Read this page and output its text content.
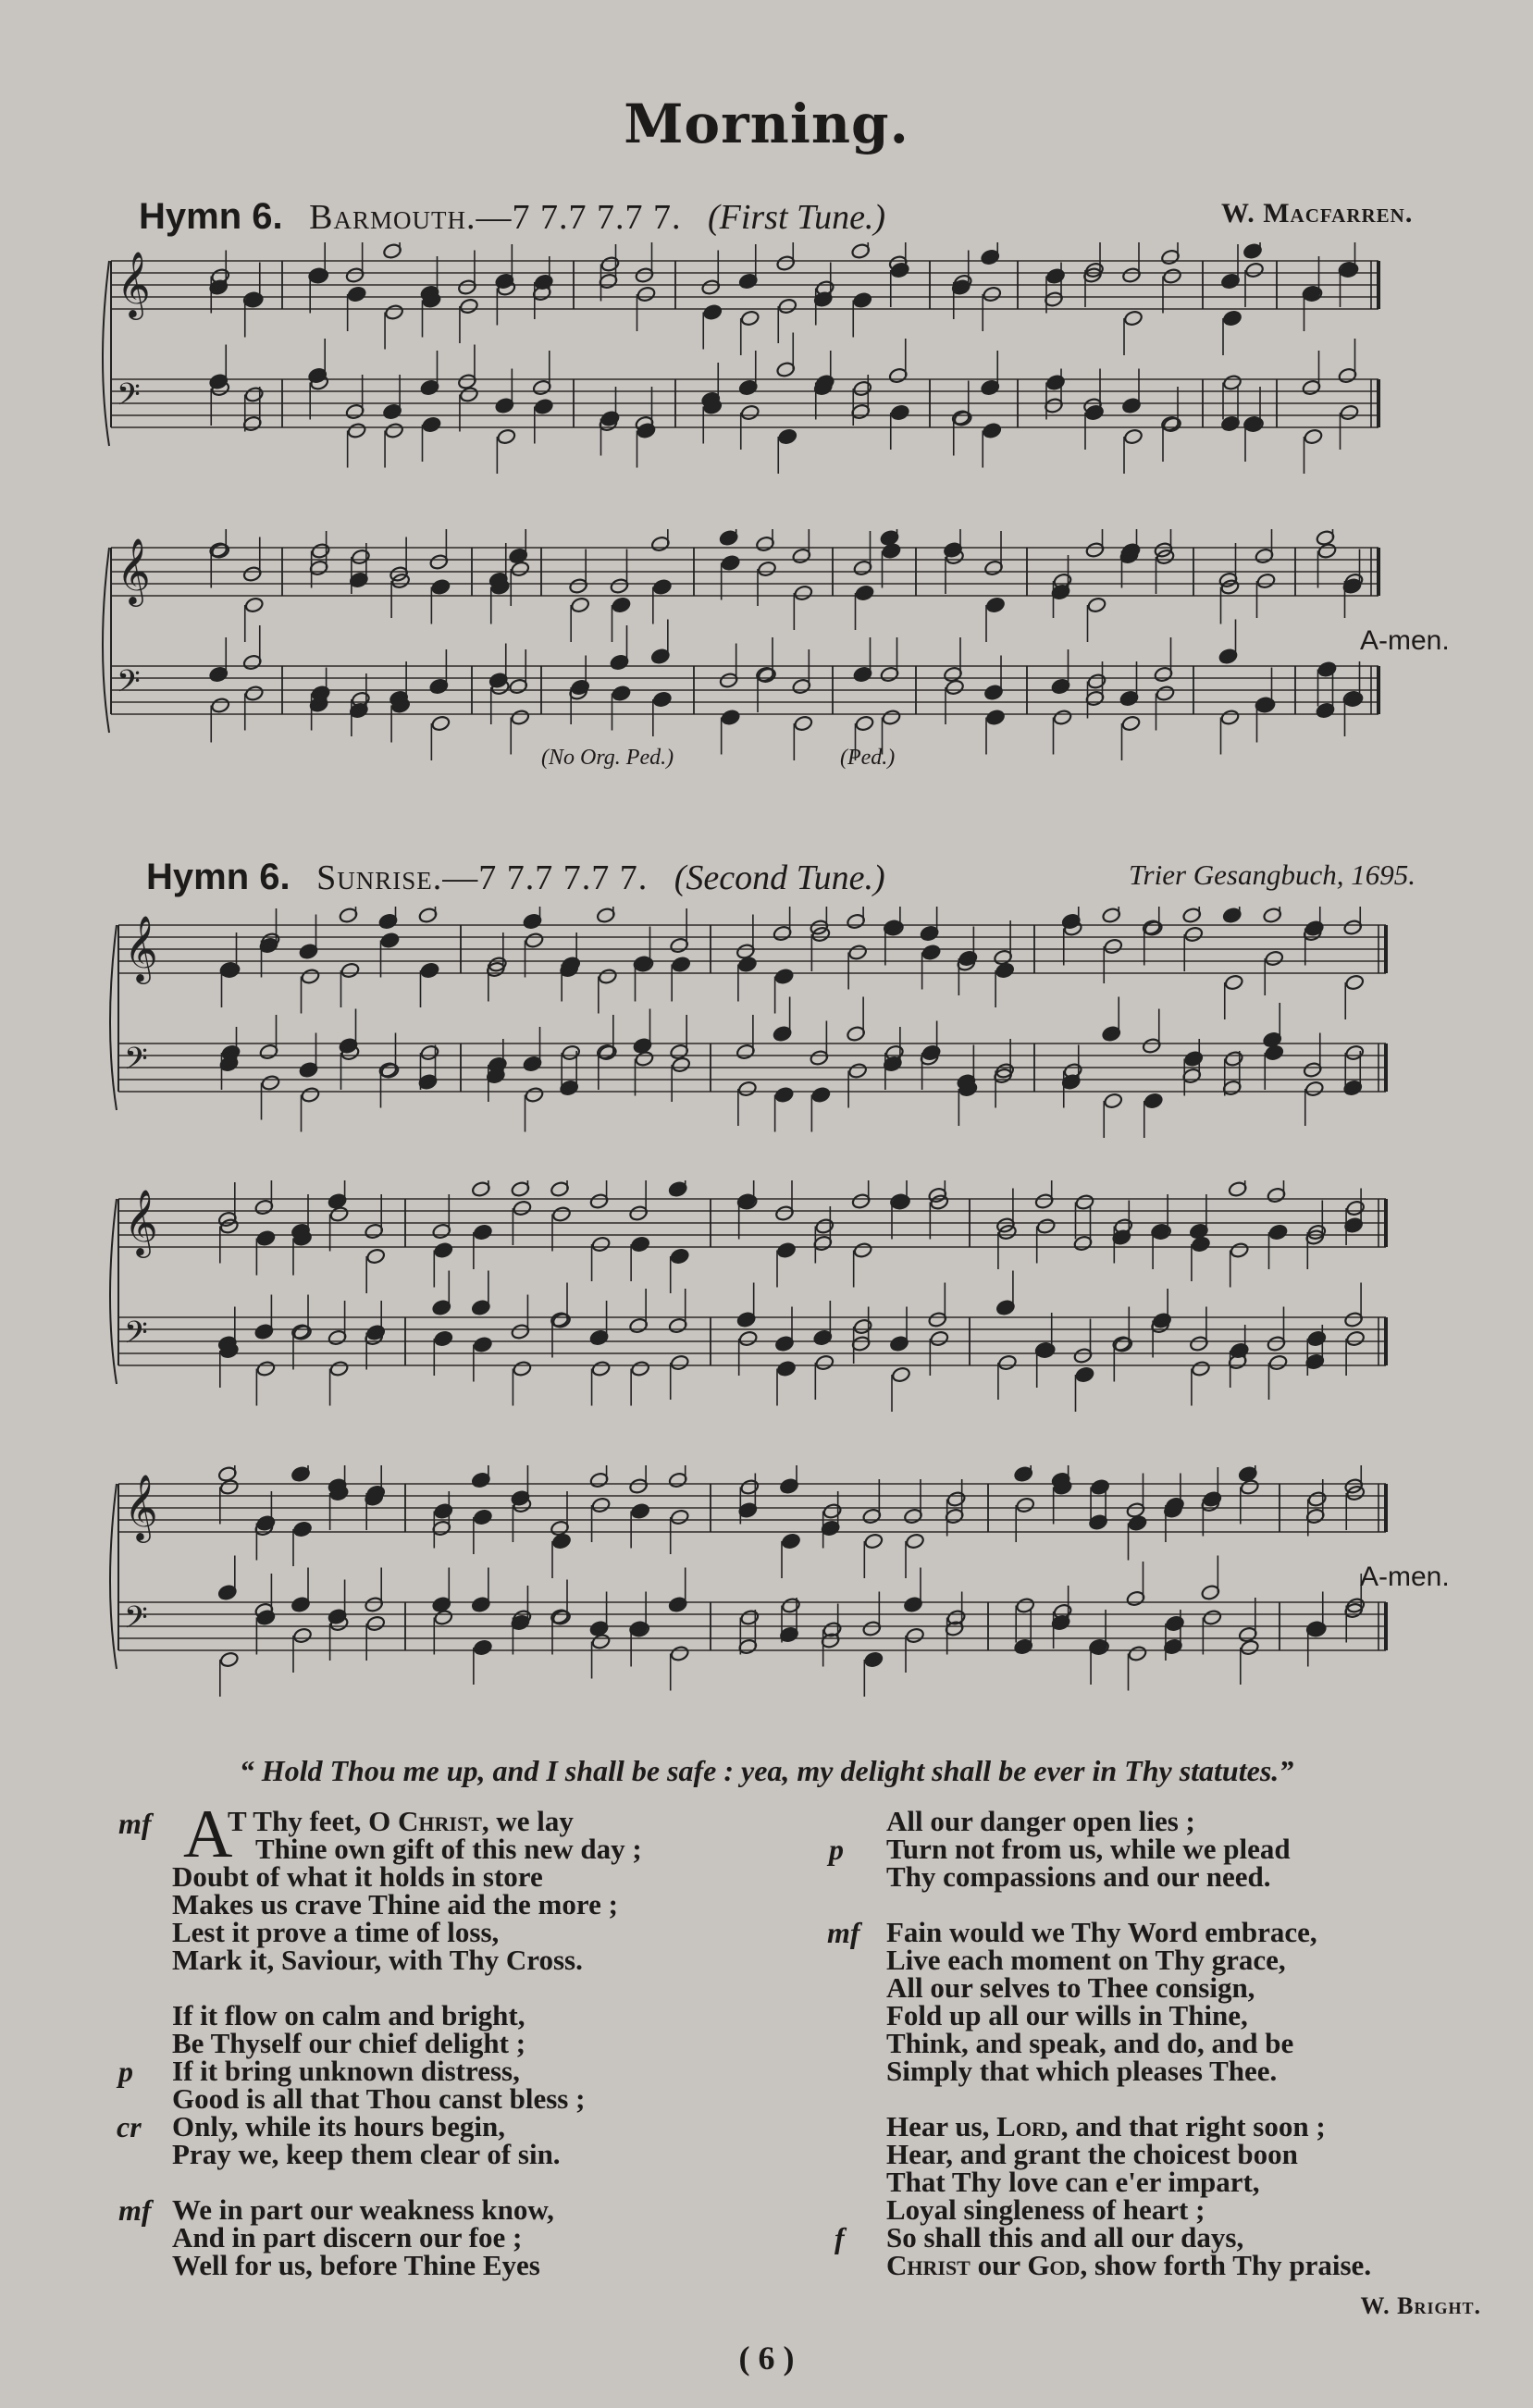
Morning.
Hymn 6. Barmouth.—7 7.7 7.7 7. (First Tune.)	W. Macfarren.
𝄞
𝄢
𝄞
𝄢
A-men.
(No Org. Ped.)	(Ped.)
Hymn 6. Sunrise.—7 7.7 7.7 7. (Second Tune.)	Trier Gesangbuch, 1695.
𝄞
𝄢
𝄞
𝄢
𝄞
𝄢
A-men.
“ Hold Thou me up, and I shall be safe : yea, my delight shall be ever in Thy statutes.”
mf A
T Thy feet, O Christ, we lay
Thine own gift of this new day ;
Doubt of what it holds in store
Makes us crave Thine aid the more ;
Lest it prove a time of loss,
Mark it, Saviour, with Thy Cross.
p
cr
If it flow on calm and bright,
Be Thyself our chief delight ;
If it bring unknown distress,
Good is all that Thou canst bless ;
Only, while its hours begin,
Pray we, keep them clear of sin.
mf We in part our weakness know,
And in part discern our foe ;
Well for us, before Thine Eyes
p
All our danger open lies ;
Turn not from us, while we plead
Thy compassions and our need.
mf Fain would we Thy Word embrace,
Live each moment on Thy grace,
All our selves to Thee consign,
Fold up all our wills in Thine,
Think, and speak, and do, and be
Simply that which pleases Thee.
f
Hear us, Lord, and that right soon ;
Hear, and grant the choicest boon
That Thy love can e'er impart,
Loyal singleness of heart ;
So shall this and all our days,
Christ our God, show forth Thy praise.
W. Bright.
( 6 )
